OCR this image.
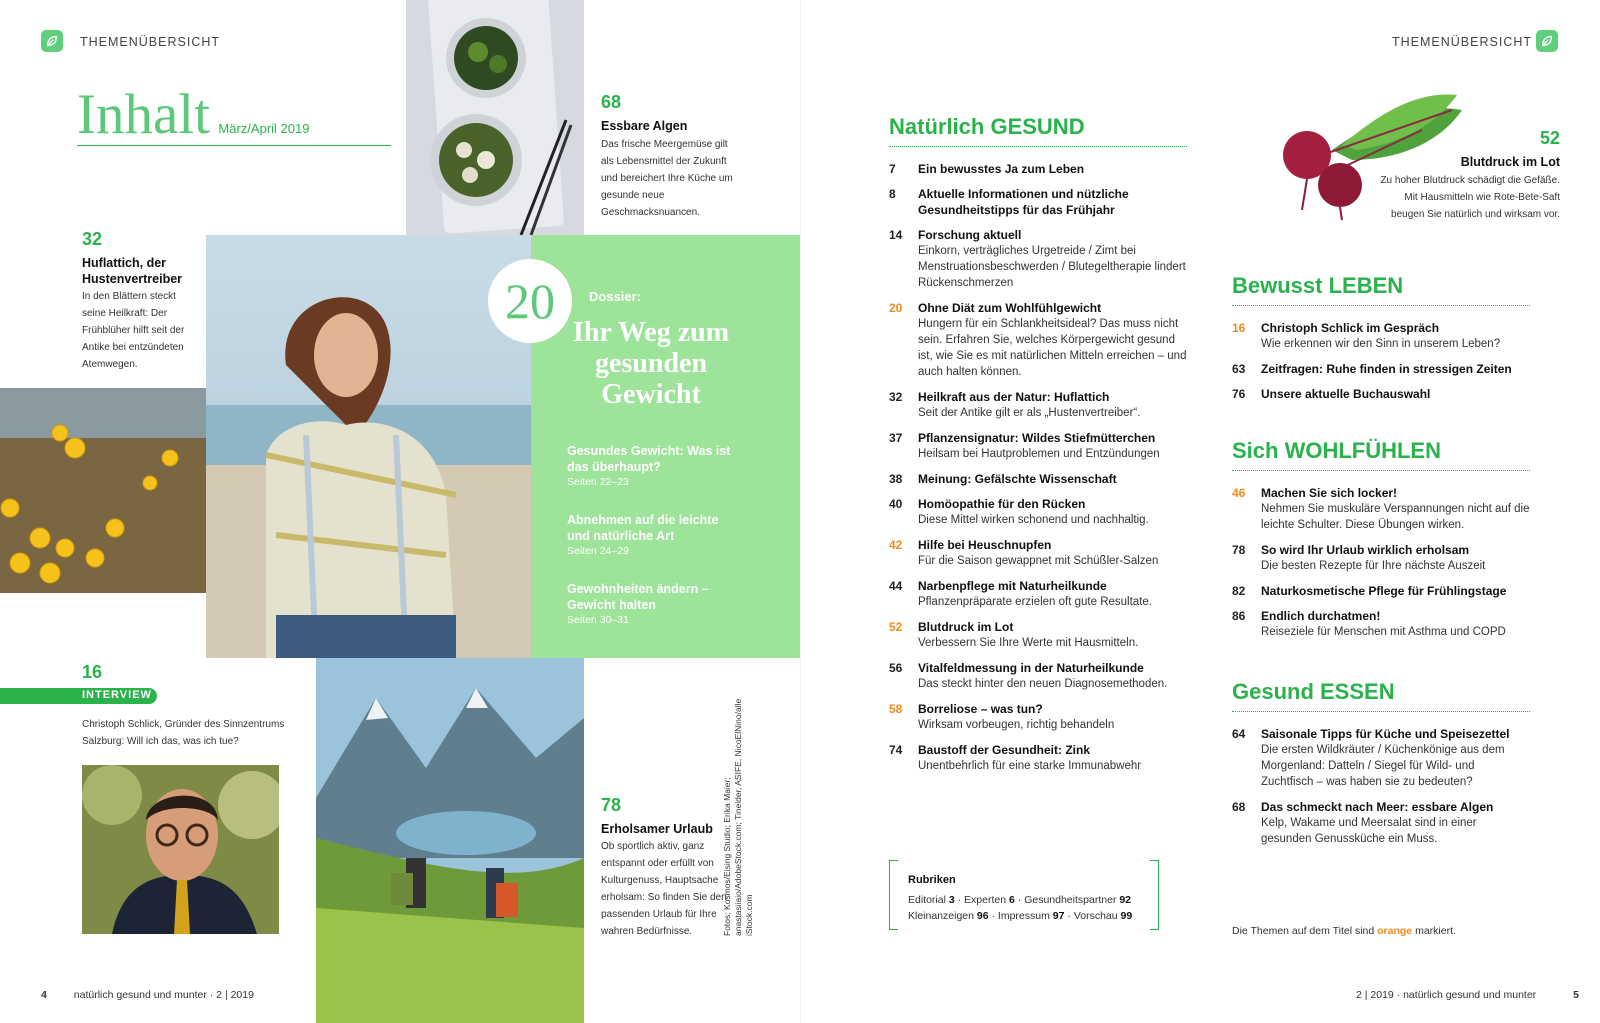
THEMENÜBERSICHT
Inhalt März/April 2019
68
Essbare Algen
Das frische Meergemüse gilt als Lebensmittel der Zukunft und bereichert Ihre Küche um gesunde neue Geschmacksnuancen.
32
Huflattich, der Hustenvertreiber
In den Blättern steckt seine Heilkraft: Der Frühblüher hilft seit der Antike bei entzündeten Atemwegen.
20	Dossier:
Ihr Weg zum gesunden Gewicht
Gesundes Gewicht: Was ist das überhaupt?
Seiten 22–23
Abnehmen auf die leichte und natürliche Art
Seiten 24–29
Gewohnheiten ändern – Gewicht halten
Seiten 30–31
16
INTERVIEW
Christoph Schlick, Gründer des Sinnzentrums Salzburg: Will ich das, was ich tue?
Fotos: Kosmos/Eising Studio; Erika Maier; anastasiiaio/AdobeStock.com; Tineider, ASIFE, NicoElNino/alle iStock.com
78
Erholsamer Urlaub
Ob sportlich aktiv, ganz entspannt oder erfüllt von Kulturgenuss, Hauptsache erholsam: So finden Sie den passenden Urlaub für Ihre wahren Bedürfnisse.
4	natürlich gesund und munter · 2 | 2019
THEMENÜBERSICHT
52
Blutdruck im Lot
Zu hoher Blutdruck schädigt die Gefäße. Mit Hausmitteln wie Rote-Bete-Saft beugen Sie natürlich und wirksam vor.
Natürlich GESUND
7	Ein bewusstes Ja zum Leben
8	Aktuelle Informationen und nützliche Gesundheitstipps für das Frühjahr
14	Forschung aktuell
Einkorn, verträgliches Urgetreide / Zimt bei Menstruationsbeschwerden / Blutegeltherapie lindert Rückenschmerzen
20	Ohne Diät zum Wohlfühlgewicht
Hungern für ein Schlankheitsideal? Das muss nicht sein. Erfahren Sie, welches Körpergewicht gesund ist, wie Sie es mit natürlichen Mitteln erreichen – und auch halten können.
32	Heilkraft aus der Natur: Huflattich
Seit der Antike gilt er als „Hustenvertreiber“.
37	Pflanzensignatur: Wildes Stiefmütterchen
Heilsam bei Hautproblemen und Entzündungen
38	Meinung: Gefälschte Wissenschaft
40	Homöopathie für den Rücken
Diese Mittel wirken schonend und nachhaltig.
42	Hilfe bei Heuschnupfen
Für die Saison gewappnet mit Schüßler-Salzen
44	Narbenpflege mit Naturheilkunde
Pflanzenpräparate erzielen oft gute Resultate.
52	Blutdruck im Lot
Verbessern Sie Ihre Werte mit Hausmitteln.
56	Vitalfeldmessung in der Naturheilkunde
Das steckt hinter den neuen Diagnosemethoden.
58	Borreliose – was tun?
Wirksam vorbeugen, richtig behandeln
74	Baustoff der Gesundheit: Zink
Unentbehrlich für eine starke Immunabwehr
Rubriken
Editorial 3 · Experten 6 · Gesundheitspartner 92
Kleinanzeigen 96 · Impressum 97 · Vorschau 99
Bewusst LEBEN
16	Christoph Schlick im Gespräch
Wie erkennen wir den Sinn in unserem Leben?
63	Zeitfragen: Ruhe finden in stressigen Zeiten
76	Unsere aktuelle Buchauswahl
Sich WOHLFÜHLEN
46	Machen Sie sich locker!
Nehmen Sie muskuläre Verspannungen nicht auf die leichte Schulter. Diese Übungen wirken.
78	So wird Ihr Urlaub wirklich erholsam
Die besten Rezepte für Ihre nächste Auszeit
82	Naturkosmetische Pflege für Frühlingstage
86	Endlich durchatmen!
Reiseziele für Menschen mit Asthma und COPD
Gesund ESSEN
64	Saisonale Tipps für Küche und Speisezettel
Die ersten Wildkräuter / Küchenkönige aus dem Morgenland: Datteln / Siegel für Wild- und Zuchtfisch – was haben sie zu bedeuten?
68	Das schmeckt nach Meer: essbare Algen
Kelp, Wakame und Meersalat sind in einer gesunden Genussküche ein Muss.
Die Themen auf dem Titel sind orange markiert.
2 | 2019 · natürlich gesund und munter	5
